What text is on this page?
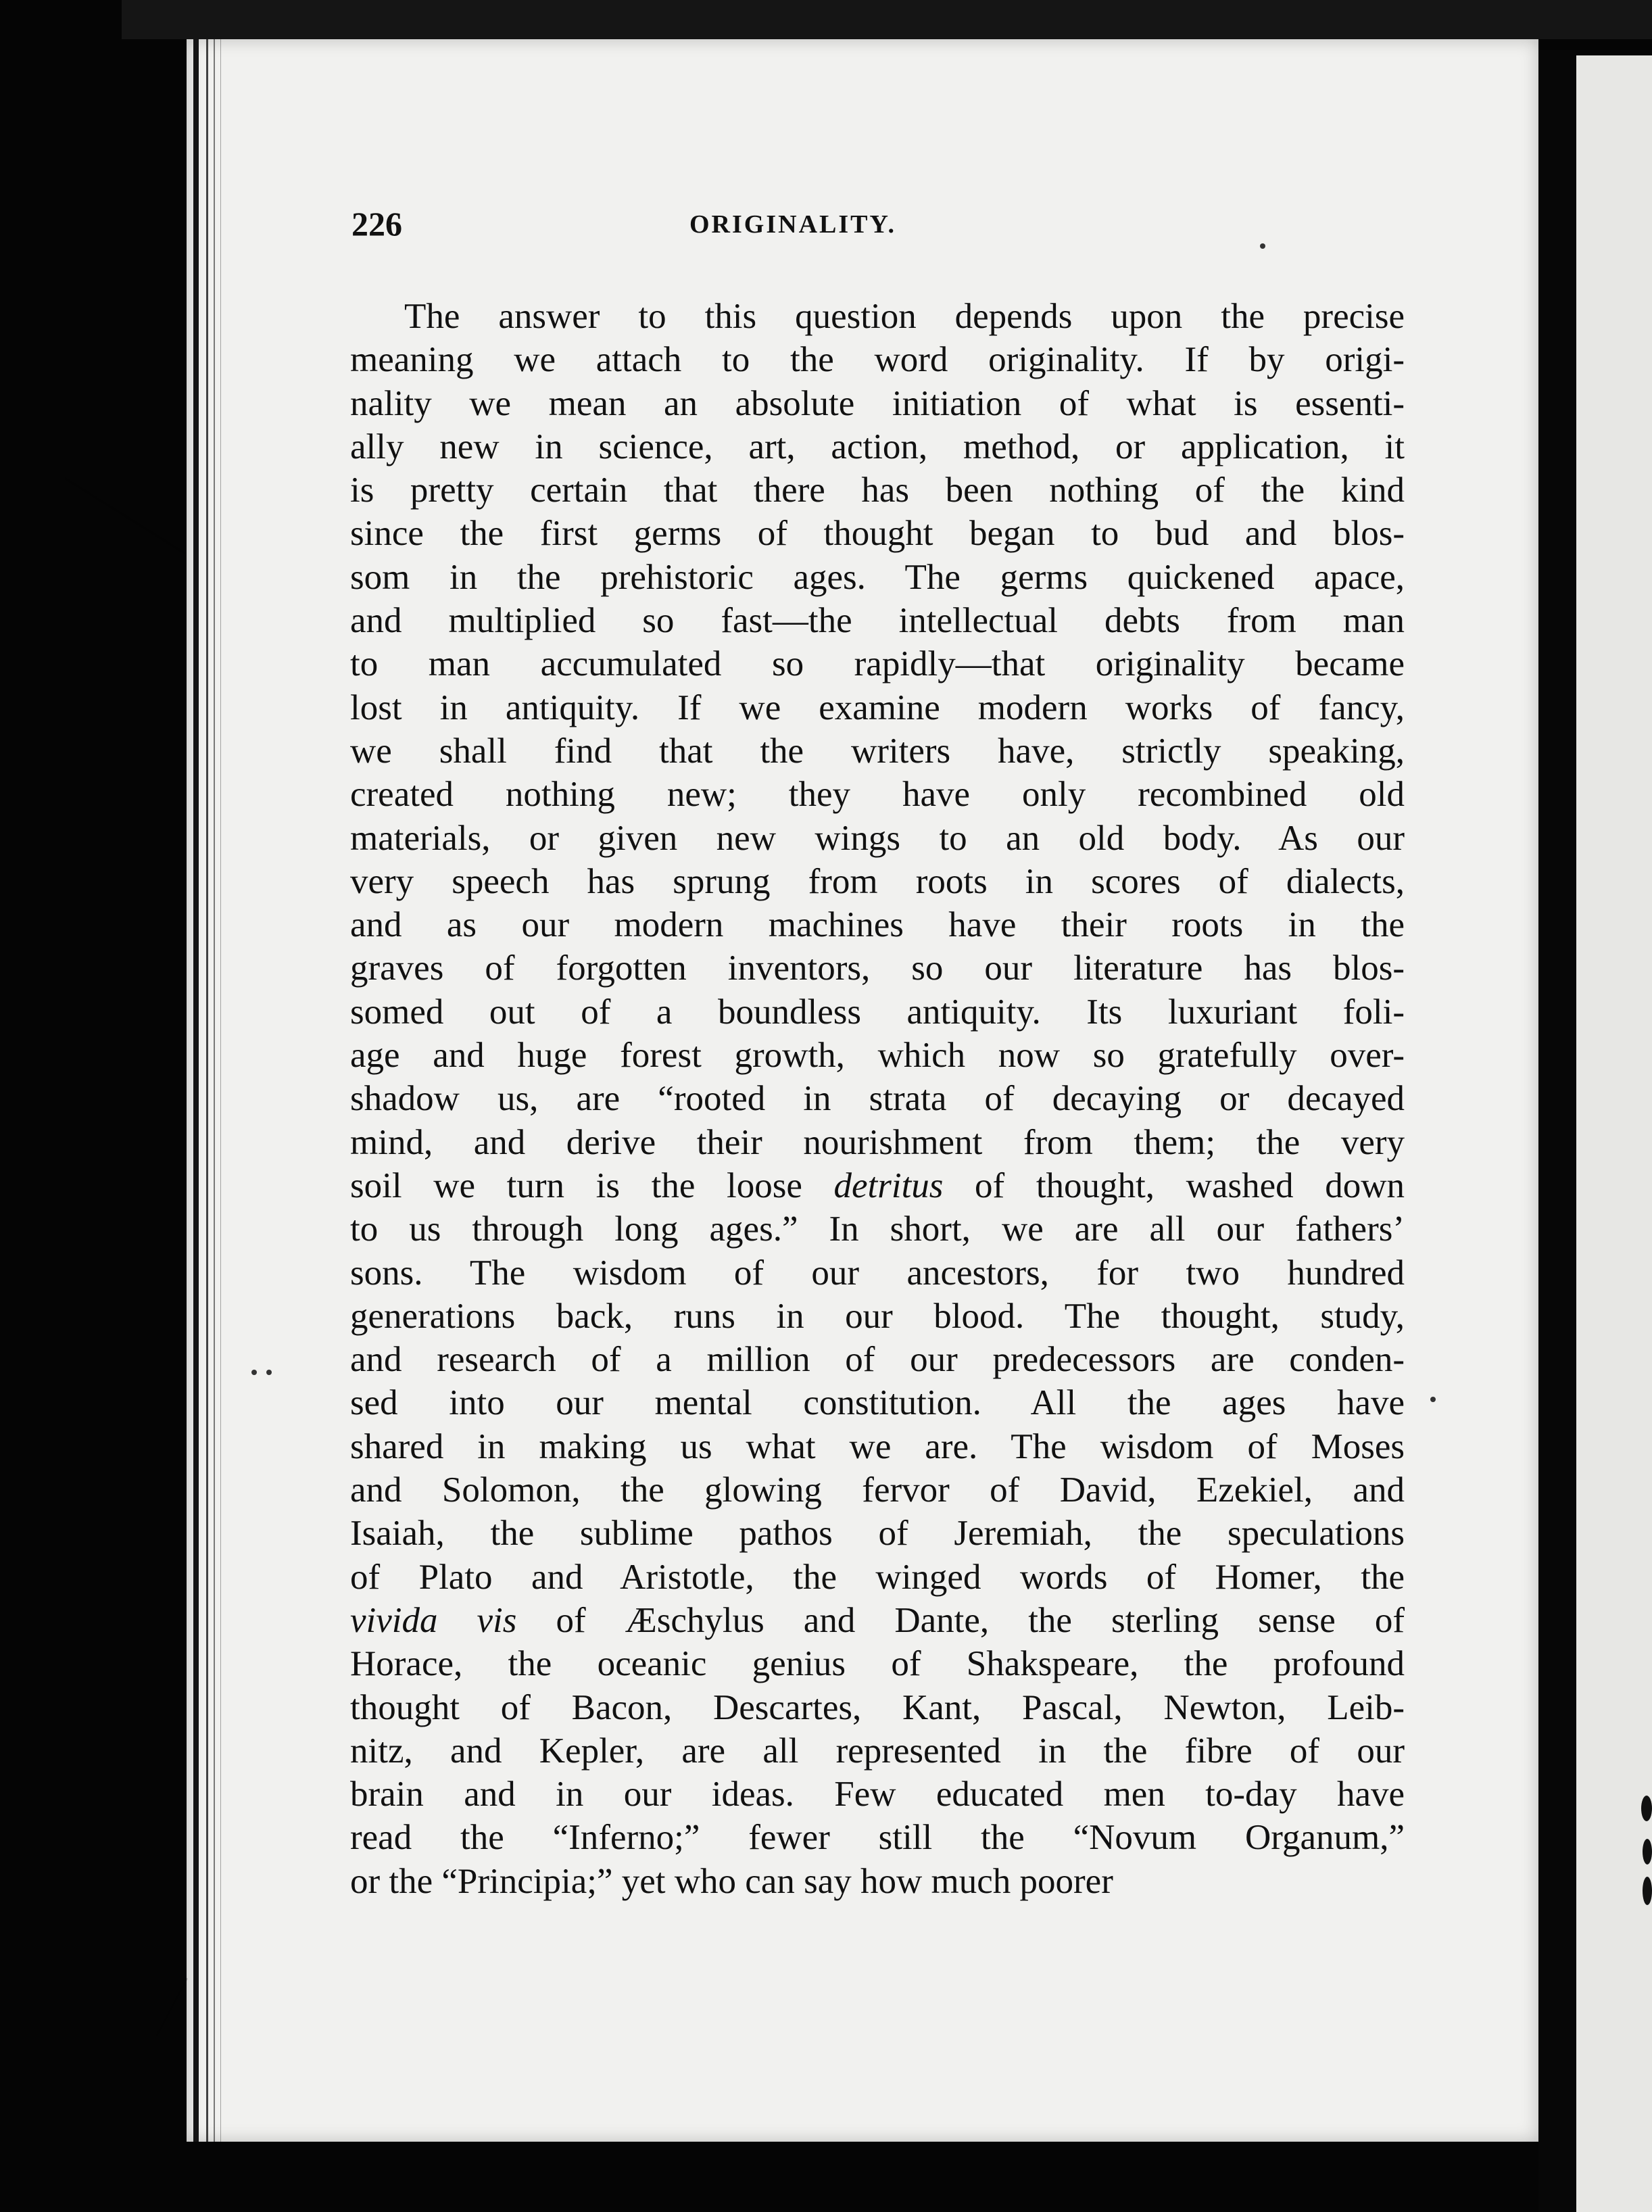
226	ORIGINALITY.
The answer to this question depends upon the precise
meaning we attach to the word originality. If by origi-
nality we mean an absolute initiation of what is essenti-
ally new in science, art, action, method, or application, it
is pretty certain that there has been nothing of the kind
since the first germs of thought began to bud and blos-
som in the prehistoric ages. The germs quickened apace,
and multiplied so fast—the intellectual debts from man
to man accumulated so rapidly—that originality became
lost in antiquity. If we examine modern works of fancy,
we shall find that the writers have, strictly speaking,
created nothing new; they have only recombined old
materials, or given new wings to an old body. As our
very speech has sprung from roots in scores of dialects,
and as our modern machines have their roots in the
graves of forgotten inventors, so our literature has blos-
somed out of a boundless antiquity. Its luxuriant foli-
age and huge forest growth, which now so gratefully over-
shadow us, are “rooted in strata of decaying or decayed
mind, and derive their nourishment from them; the very
soil we turn is the loose detritus of thought, washed down
to us through long ages.” In short, we are all our fathers’
sons. The wisdom of our ancestors, for two hundred
generations back, runs in our blood. The thought, study,
and research of a million of our predecessors are conden-
sed into our mental constitution. All the ages have
shared in making us what we are. The wisdom of Moses
and Solomon, the glowing fervor of David, Ezekiel, and
Isaiah, the sublime pathos of Jeremiah, the speculations
of Plato and Aristotle, the winged words of Homer, the
vivida vis of Æschylus and Dante, the sterling sense of
Horace, the oceanic genius of Shakspeare, the profound
thought of Bacon, Descartes, Kant, Pascal, Newton, Leib-
nitz, and Kepler, are all represented in the fibre of our
brain and in our ideas. Few educated men to-day have
read the “Inferno;” fewer still the “Novum Organum,”
or the “Principia;” yet who can say how much poorer
